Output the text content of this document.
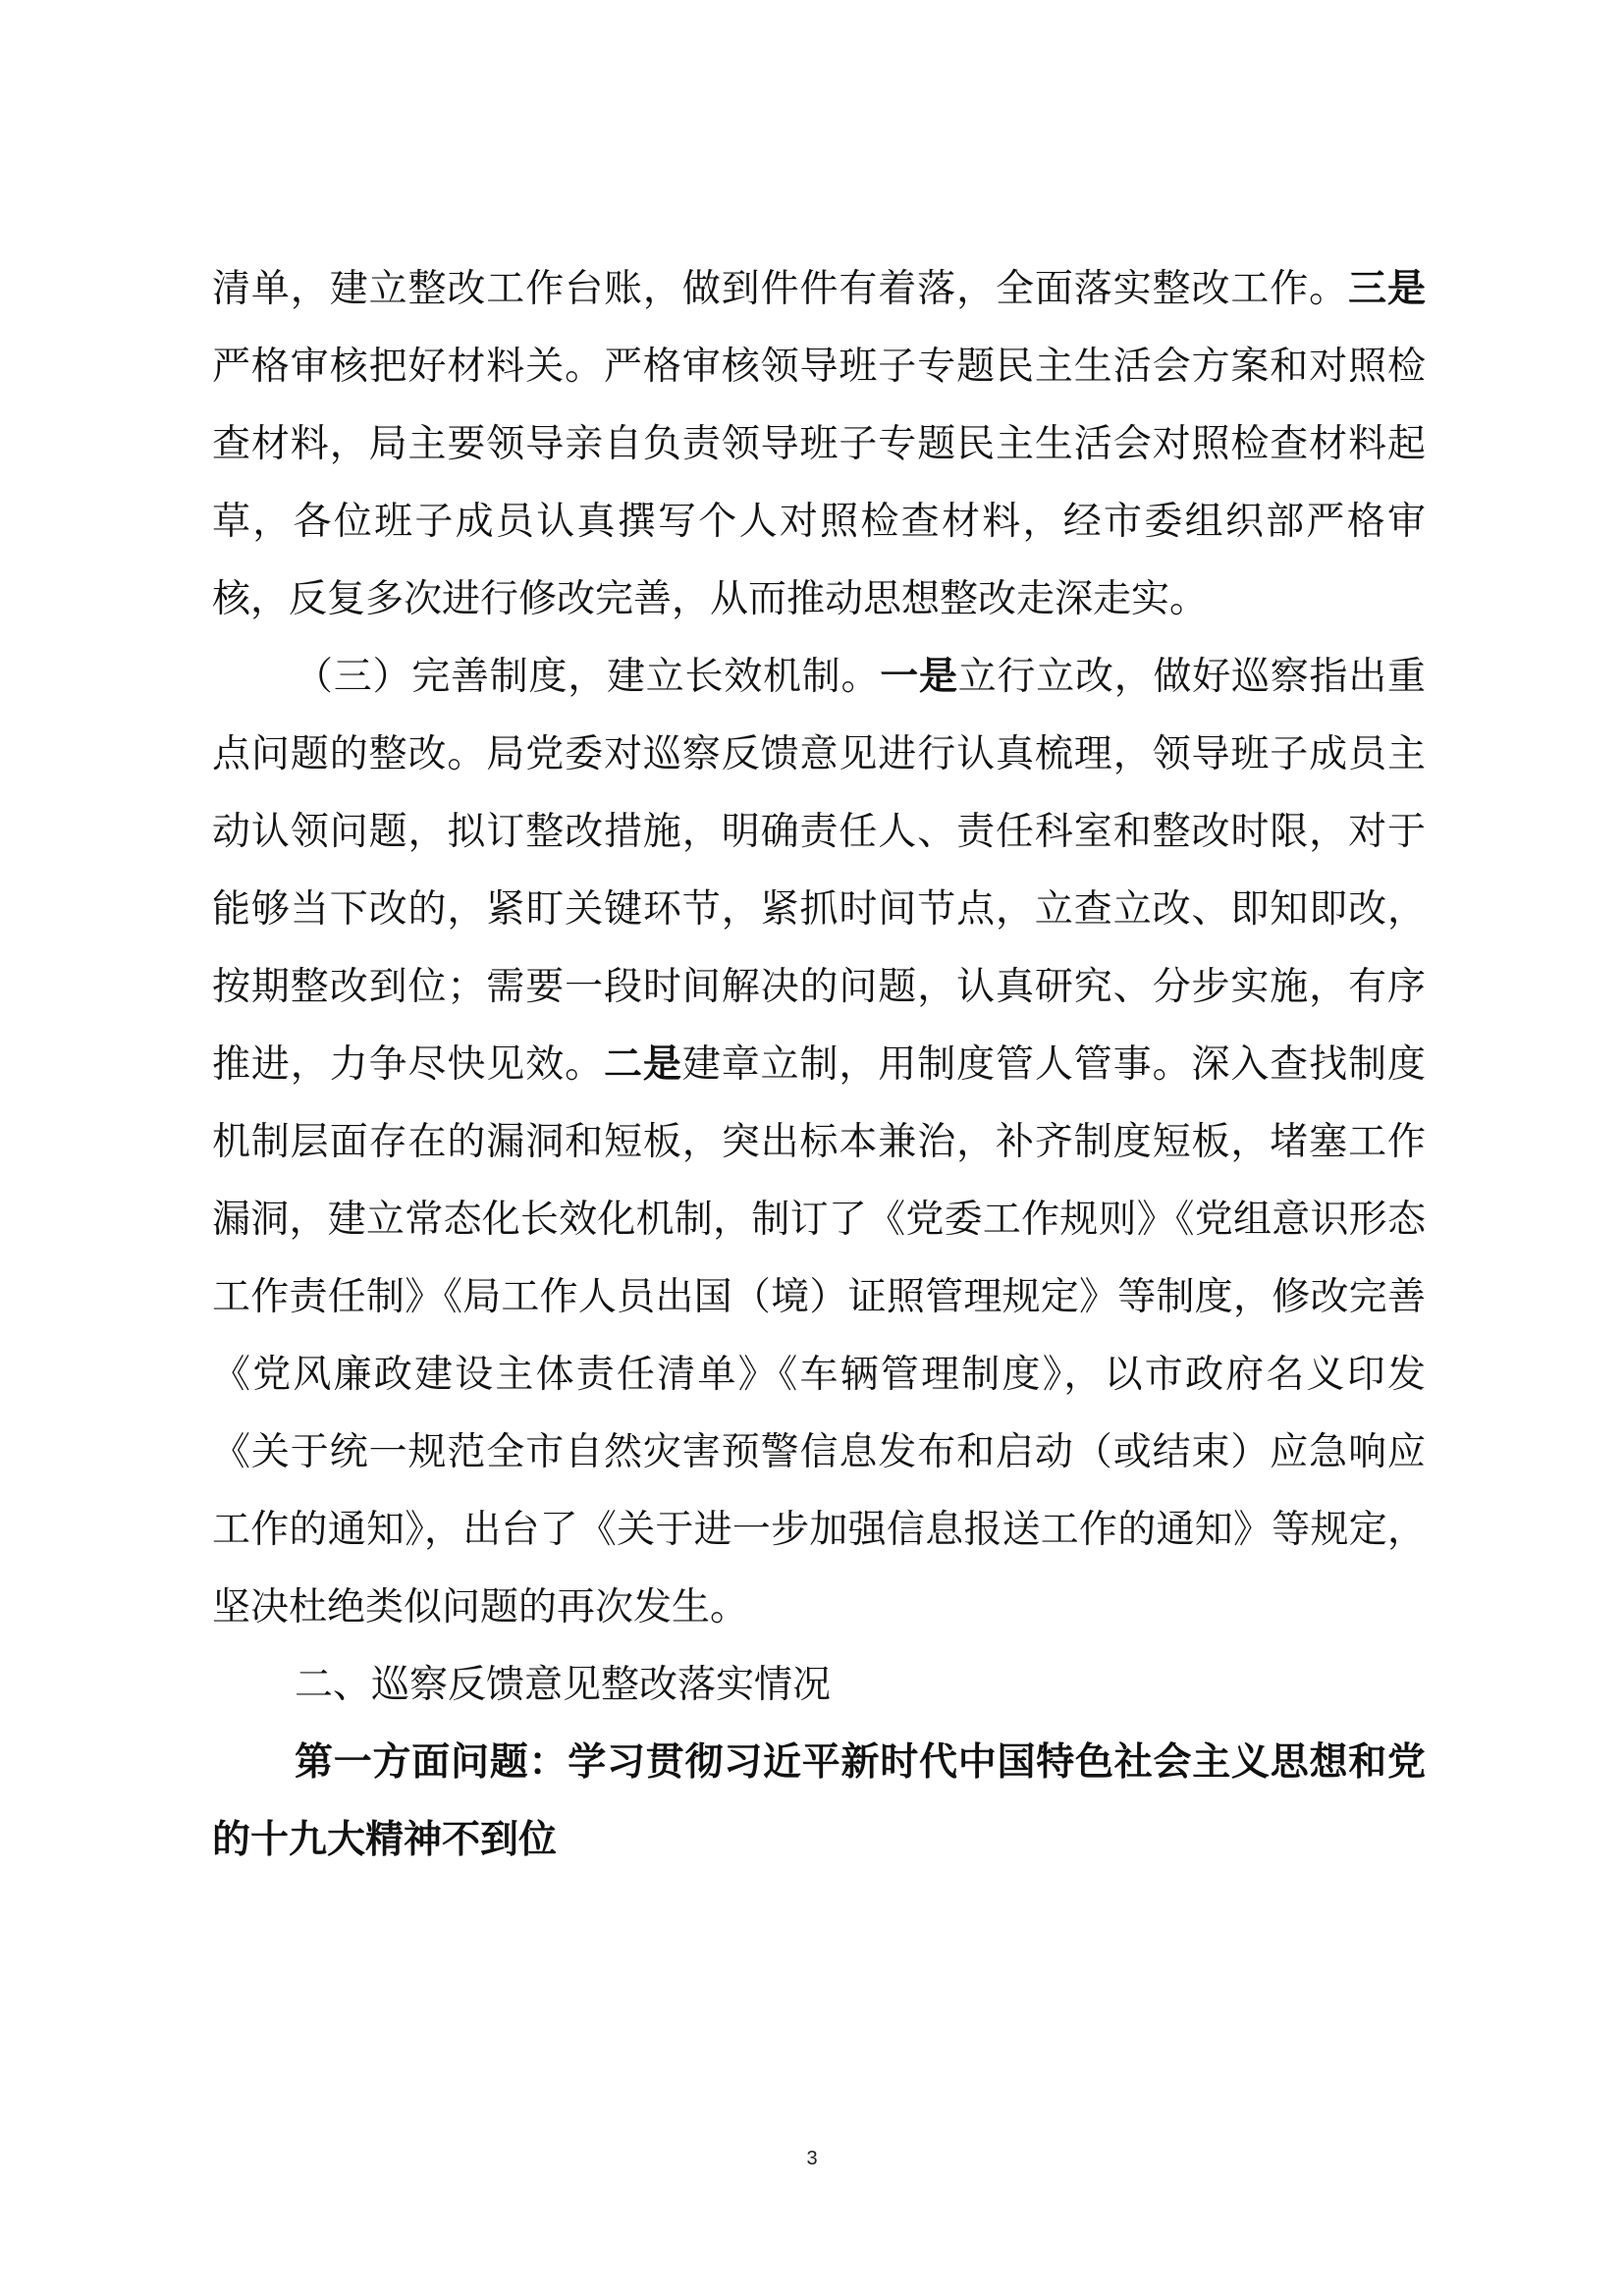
清单，建立整改工作台账，做到件件有着落，全面落实整改工作。三是严格审核把好材料关。严格审核领导班子专题民主生活会方案和对照检查材料，局主要领导亲自负责领导班子专题民主生活会对照检查材料起草，各位班子成员认真撰写个人对照检查材料，经市委组织部严格审核，反复多次进行修改完善，从而推动思想整改走深走实。

（三）完善制度，建立长效机制。一是立行立改，做好巡察指出重点问题的整改。局党委对巡察反馈意见进行认真梳理，领导班子成员主动认领问题，拟订整改措施，明确责任人、责任科室和整改时限，对于能够当下改的，紧盯关键环节，紧抓时间节点，立查立改、即知即改，按期整改到位；需要一段时间解决的问题，认真研究、分步实施，有序推进，力争尽快见效。二是建章立制，用制度管人管事。深入查找制度机制层面存在的漏洞和短板，突出标本兼治，补齐制度短板，堵塞工作漏洞，建立常态化长效化机制，制订了《党委工作规则》《党组意识形态工作责任制》《局工作人员出国（境）证照管理规定》等制度，修改完善《党风廉政建设主体责任清单》《车辆管理制度》，以市政府名义印发《关于统一规范全市自然灾害预警信息发布和启动（或结束）应急响应工作的通知》，出台了《关于进一步加强信息报送工作的通知》等规定，坚决杜绝类似问题的再次发生。

二、巡察反馈意见整改落实情况

第一方面问题：学习贯彻习近平新时代中国特色社会主义思想和党的十九大精神不到位

3
